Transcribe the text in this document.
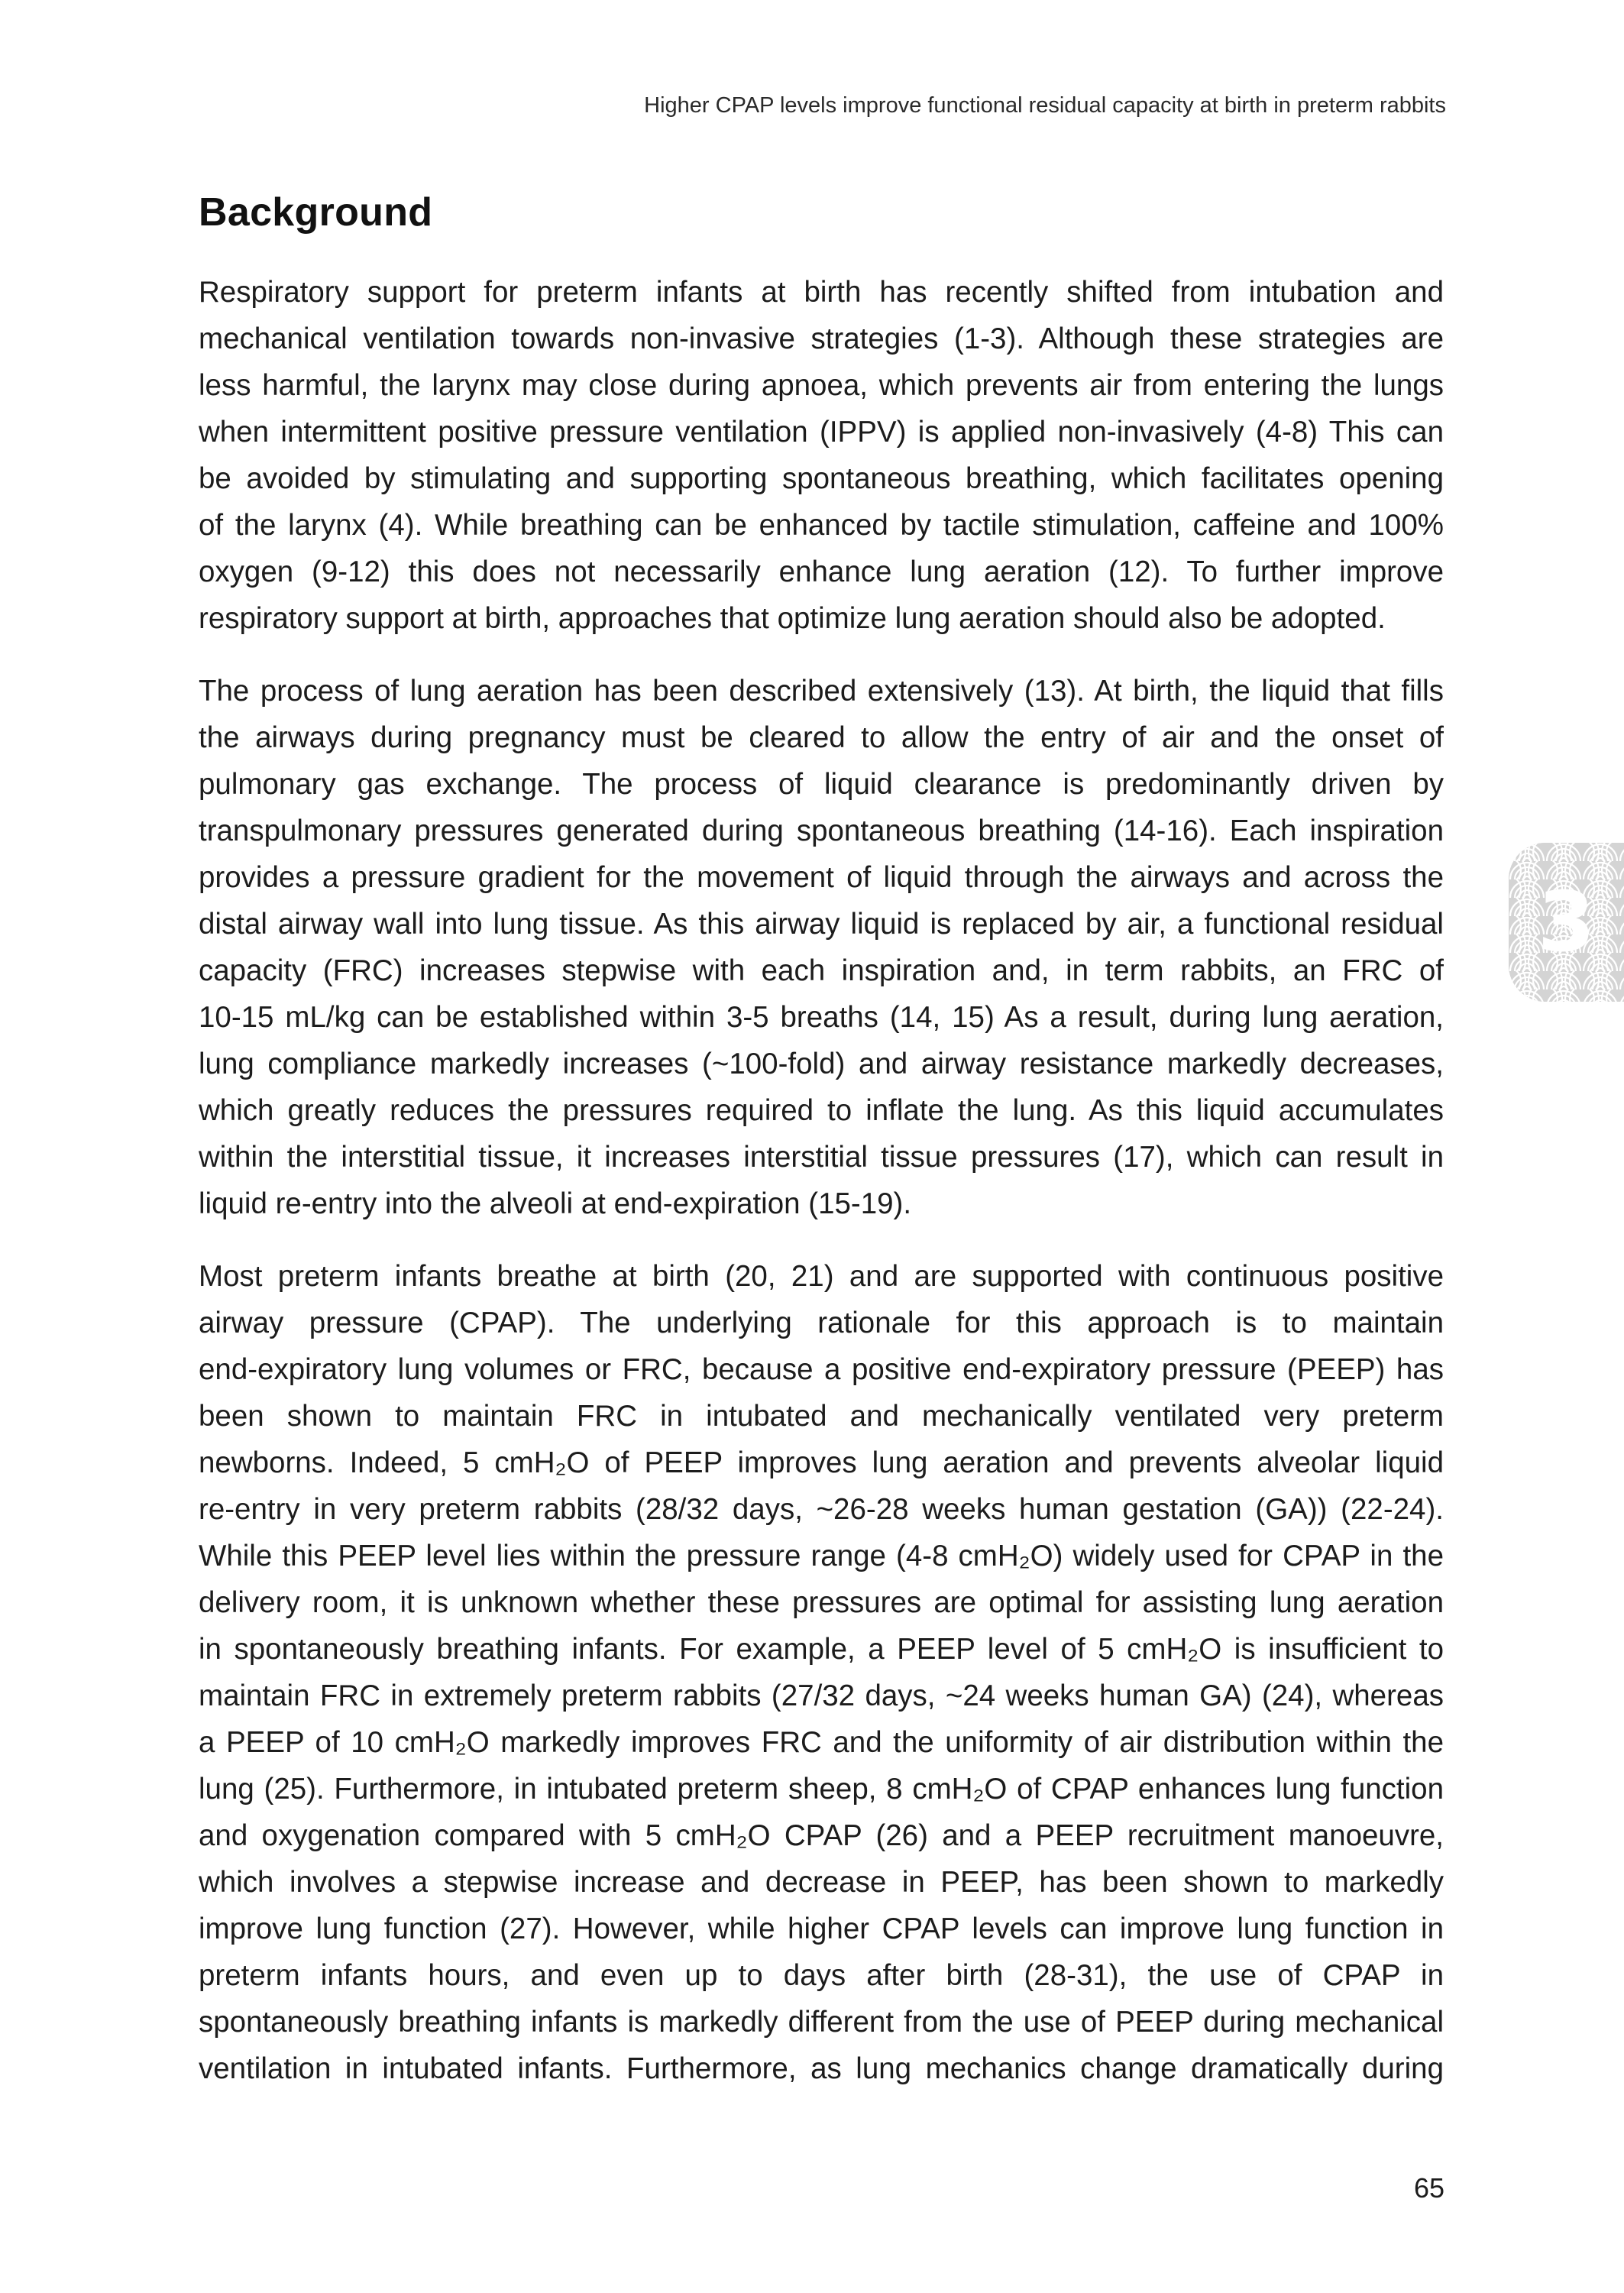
Higher CPAP levels improve functional residual capacity at birth in preterm rabbits
Background

Respiratory support for preterm infants at birth has recently shifted from intubation and
mechanical ventilation towards non-invasive strategies (1-3). Although these strategies are
less harmful, the larynx may close during apnoea, which prevents air from entering the lungs
when intermittent positive pressure ventilation (IPPV) is applied non-invasively (4-8) This can
be avoided by stimulating and supporting spontaneous breathing, which facilitates opening
of the larynx (4). While breathing can be enhanced by tactile stimulation, caffeine and 100%
oxygen (9-12) this does not necessarily enhance lung aeration (12). To further improve
respiratory support at birth, approaches that optimize lung aeration should also be adopted.

The process of lung aeration has been described extensively (13). At birth, the liquid that fills
the airways during pregnancy must be cleared to allow the entry of air and the onset of
pulmonary gas exchange. The process of liquid clearance is predominantly driven by
transpulmonary pressures generated during spontaneous breathing (14-16). Each inspiration
provides a pressure gradient for the movement of liquid through the airways and across the
distal airway wall into lung tissue. As this airway liquid is replaced by air, a functional residual
capacity (FRC) increases stepwise with each inspiration and, in term rabbits, an FRC of
10-15 mL/kg can be established within 3-5 breaths (14, 15) As a result, during lung aeration,
lung compliance markedly increases (~100-fold) and airway resistance markedly decreases,
which greatly reduces the pressures required to inflate the lung. As this liquid accumulates
within the interstitial tissue, it increases interstitial tissue pressures (17), which can result in
liquid re-entry into the alveoli at end-expiration (15-19).

Most preterm infants breathe at birth (20, 21) and are supported with continuous positive
airway pressure (CPAP). The underlying rationale for this approach is to maintain
end-expiratory lung volumes or FRC, because a positive end-expiratory pressure (PEEP) has
been shown to maintain FRC in intubated and mechanically ventilated very preterm
newborns. Indeed, 5 cmH₂O of PEEP improves lung aeration and prevents alveolar liquid
re-entry in very preterm rabbits (28/32 days, ~26-28 weeks human gestation (GA)) (22-24).
While this PEEP level lies within the pressure range (4-8 cmH₂O) widely used for CPAP in the
delivery room, it is unknown whether these pressures are optimal for assisting lung aeration
in spontaneously breathing infants. For example, a PEEP level of 5 cmH₂O is insufficient to
maintain FRC in extremely preterm rabbits (27/32 days, ~24 weeks human GA) (24), whereas
a PEEP of 10 cmH₂O markedly improves FRC and the uniformity of air distribution within the
lung (25). Furthermore, in intubated preterm sheep, 8 cmH₂O of CPAP enhances lung function
and oxygenation compared with 5 cmH₂O CPAP (26) and a PEEP recruitment manoeuvre,
which involves a stepwise increase and decrease in PEEP, has been shown to markedly
improve lung function (27). However, while higher CPAP levels can improve lung function in
preterm infants hours, and even up to days after birth (28-31), the use of CPAP in
spontaneously breathing infants is markedly different from the use of PEEP during mechanical
ventilation in intubated infants. Furthermore, as lung mechanics change dramatically during

3
65
